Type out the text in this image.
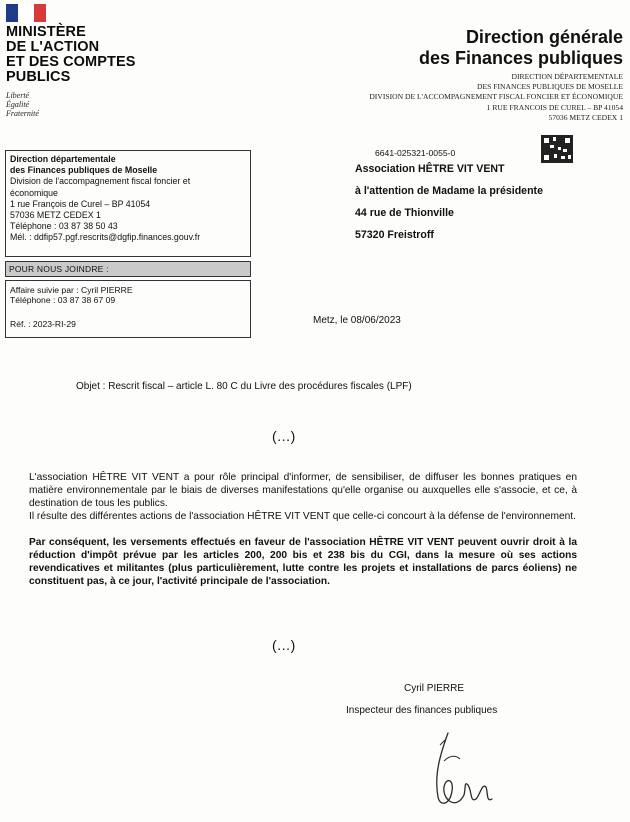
MINISTÈRE
DE L'ACTION
ET DES COMPTES
PUBLICS
Liberté
Égalité
Fraternité
Direction générale
des Finances publiques
DIRECTION DÉPARTEMENTALE
DES FINANCES PUBLIQUES DE MOSELLE
DIVISION DE L'ACCOMPAGNEMENT FISCAL FONCIER ET ÉCONOMIQUE
1 RUE FRANCOIS DE CUREL – BP 41054
57036 METZ CEDEX 1
Direction départementale
des Finances publiques de Moselle
Division de l'accompagnement fiscal foncier et
économique
1 rue François de Curel – BP 41054
57036 METZ CEDEX 1
Téléphone : 03 87 38 50 43
Mél. : ddfip57.pgf.rescrits@dgfip.finances.gouv.fr
POUR NOUS JOINDRE :
Affaire suivie par : Cyril PIERRE
Téléphone : 03 87 38 67 09
Réf. : 2023-RI-29
6641-025321-0055-0
Association HÊTRE VIT VENT
à l'attention de Madame la présidente
44 rue de Thionville
57320 Freistroff
Metz, le 08/06/2023
Objet : Rescrit fiscal – article L. 80 C du Livre des procédures fiscales (LPF)
(…)

L'association HÊTRE VIT VENT a pour rôle principal d'informer, de sensibiliser, de diffuser les bonnes pratiques en matière environnementale par le biais de diverses manifestations qu'elle organise ou auxquelles elle s'associe, et ce, à destination de tous les publics.

Il résulte des différentes actions de l'association HÊTRE VIT VENT que celle-ci concourt à la défense de l'environnement.

Par conséquent, les versements effectués en faveur de l'association HÊTRE VIT VENT peuvent ouvrir droit à la réduction d'impôt prévue par les articles 200, 200 bis et 238 bis du CGI, dans la mesure où ses actions revendicatives et militantes (plus particulièrement, lutte contre les projets et installations de parcs éoliens) ne constituent pas, à ce jour, l'activité principale de l'association.

(…)
Cyril PIERRE
Inspecteur des finances publiques
